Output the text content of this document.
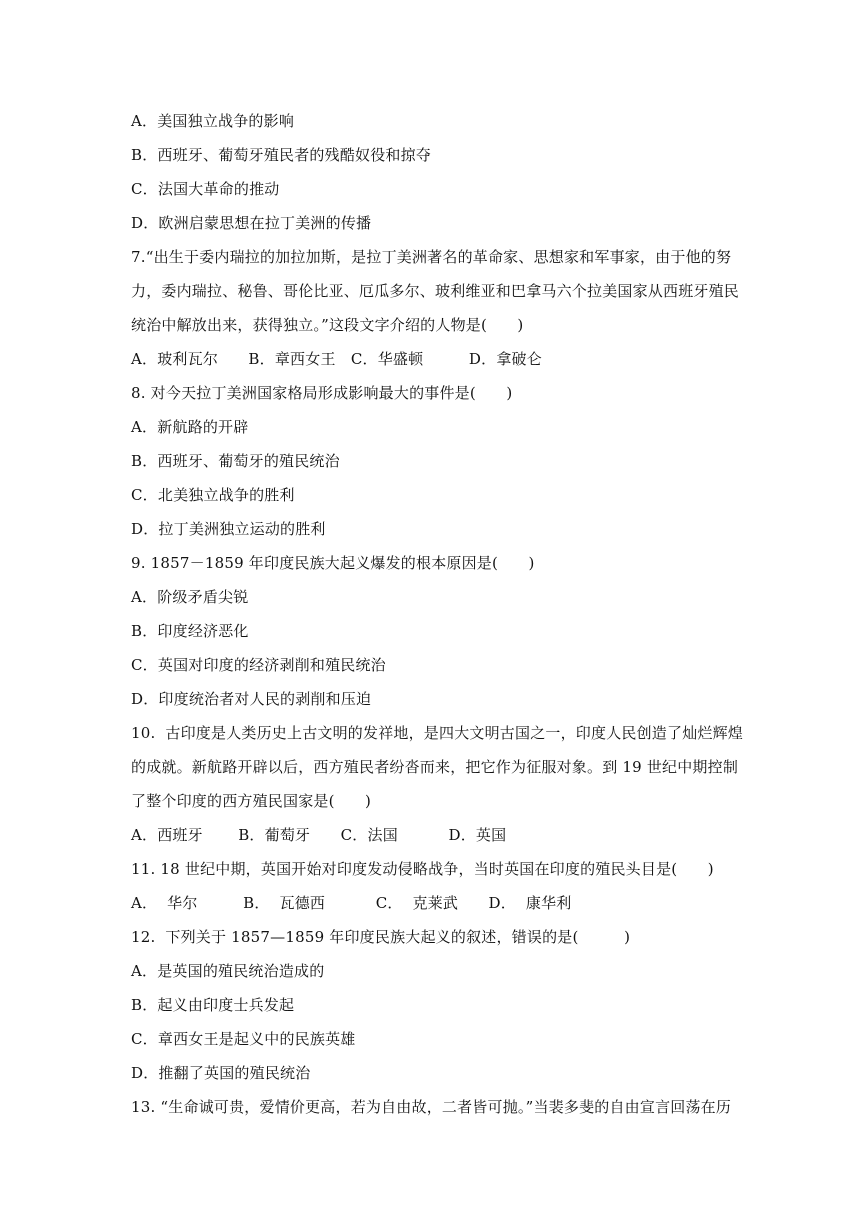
A．美国独立战争的影响
B．西班牙、葡萄牙殖民者的残酷奴役和掠夺
C．法国大革命的推动
D．欧洲启蒙思想在拉丁美洲的传播
7.“出生于委内瑞拉的加拉加斯，是拉丁美洲著名的革命家、思想家和军事家，由于他的努
力，委内瑞拉、秘鲁、哥伦比亚、厄瓜多尔、玻利维亚和巴拿马六个拉美国家从西班牙殖民
统治中解放出来，获得独立。”这段文字介绍的人物是(　　)
A．玻利瓦尔　　B．章西女王　C．华盛顿　　　D．拿破仑
8. 对今天拉丁美洲国家格局形成影响最大的事件是(　　)
A．新航路的开辟
B．西班牙、葡萄牙的殖民统治
C．北美独立战争的胜利
D．拉丁美洲独立运动的胜利
9. 1857－1859 年印度民族大起义爆发的根本原因是(　　)
A．阶级矛盾尖锐
B．印度经济恶化
C．英国对印度的经济剥削和殖民统治
D．印度统治者对人民的剥削和压迫
10.  古印度是人类历史上古文明的发祥地，是四大文明古国之一，印度人民创造了灿烂辉煌
的成就。新航路开辟以后，西方殖民者纷沓而来，把它作为征服对象。到 19 世纪中期控制
了整个印度的西方殖民国家是(　　)
A．西班牙　　 B．葡萄牙　　C．法国　　　 D．英国
11. 18 世纪中期，英国开始对印度发动侵略战争，当时英国在印度的殖民头目是(　　)
A．  华尔　　　B．  瓦德西　　　 C．  克莱武　　D．  康华利
12.  下列关于 1857—1859 年印度民族大起义的叙述，错误的是(　　　)
A．是英国的殖民统治造成的
B．起义由印度士兵发起
C．章西女王是起义中的民族英雄
D．推翻了英国的殖民统治
13. “生命诚可贵，爱情价更高，若为自由故，二者皆可抛。”当裴多斐的自由宣言回荡在历
